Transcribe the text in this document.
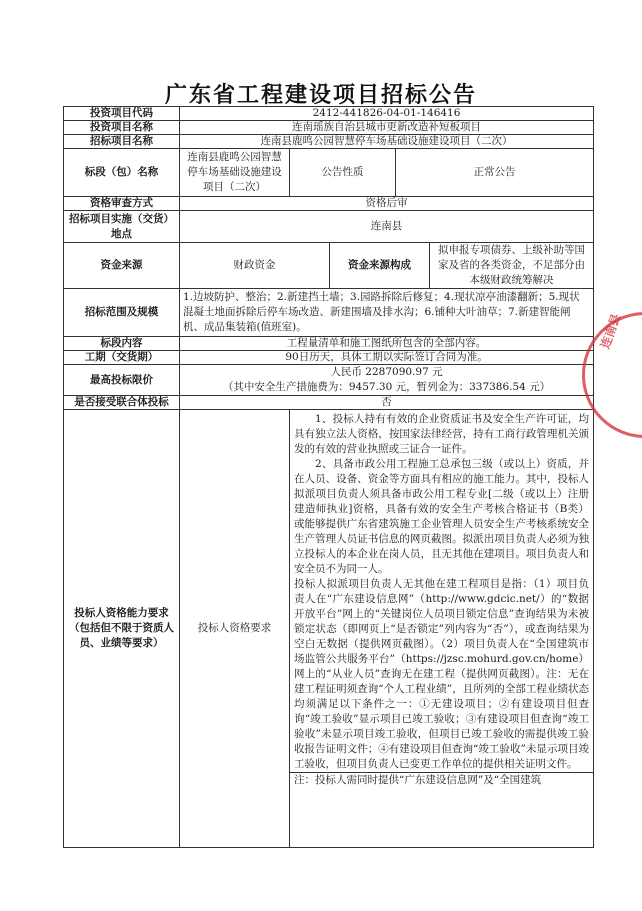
广东省工程建设项目招标公告
投资项目代码	2412-441826-04-01-146416				
投资项目名称	连南瑶族自治县城市更新改造补短板项目				
招标项目名称	连南县鹿鸣公园智慧停车场基础设施建设项目（二次）				
标段（包）名称	连南县鹿鸣公园智慧停车场基础设施建设项目（二次）	公告性质		正常公告	
资格审查方式	资格后审				
招标项目实施（交货）地点	连南县				
资金来源	财政资金		资金来源构成		拟申报专项债券、上级补助等国家及省的各类资金，不足部分由本级财政统筹解决
招标范围及规模	1.边坡防护、整治；2.新建挡土墙；3.园路拆除后修复；4.现状凉亭油漆翻新；5.现状混凝土地面拆除后停车场改造、新建围墙及排水沟；6.铺种大叶油草；7.新建智能闸机、成品集装箱(值班室)。				
标段内容	工程量清单和施工图纸所包含的全部内容。				
工期（交货期）	90日历天，具体工期以实际签订合同为准。				
最高投标限价	人民币 2287090.97 元
（其中安全生产措施费为：9457.30 元，暂列金为：337386.54 元）				

是否接受联合体投标	否				
投标人资格能力要求（包括但不限于资质人员、业绩等要求）	投标人资格要求	1、投标人持有有效的企业资质证书及安全生产许可证，均具有独立法人资格，按国家法律经营，持有工商行政管理机关颁发的有效的营业执照或三证合一证件。

2、具备市政公用工程施工总承包三级（或以上）资质，并在人员、设备、资金等方面具有相应的施工能力。其中，投标人拟派项目负责人须具备市政公用工程专业[二级（或以上）注册建造师执业]资格，具备有效的安全生产考核合格证书（B类）或能够提供广东省建筑施工企业管理人员安全生产考核系统安全生产管理人员证书信息的网页截图。拟派出项目负责人必须为独立投标人的本企业在岗人员，且无其他在建项目。项目负责人和安全员不为同一人。

投标人拟派项目负责人无其他在建工程项目是指：（1）项目负责人在“广东建设信息网”（http://www.gdcic.net/）的“数据开放平台”网上的“关键岗位人员项目锁定信息”查询结果为未被锁定状态（即网页上“是否锁定”列内容为“否”），或查询结果为空白无数据（提供网页截图）。（2）项目负责人在“全国建筑市场监管公共服务平台”（https://jzsc.mohurd.gov.cn/home）网上的“从业人员”查询无在建工程（提供网页截图）。注：无在建工程证明须查询“个人工程业绩”，且所列的全部工程业绩状态均须满足以下条件之一：①无建设项目；②有建设项目但查询“竣工验收”显示项目已竣工验收；③有建设项目但查询“竣工验收”未显示项目竣工验收，但项目已竣工验收的需提供竣工验收报告证明文件；④有建设项目但查询“竣工验收”未显示项目竣工验收，但项目负责人已变更工作单位的提供相关证明文件。

注：投标人需同时提供“广东建设信息网”及“全国建筑			

连南县
